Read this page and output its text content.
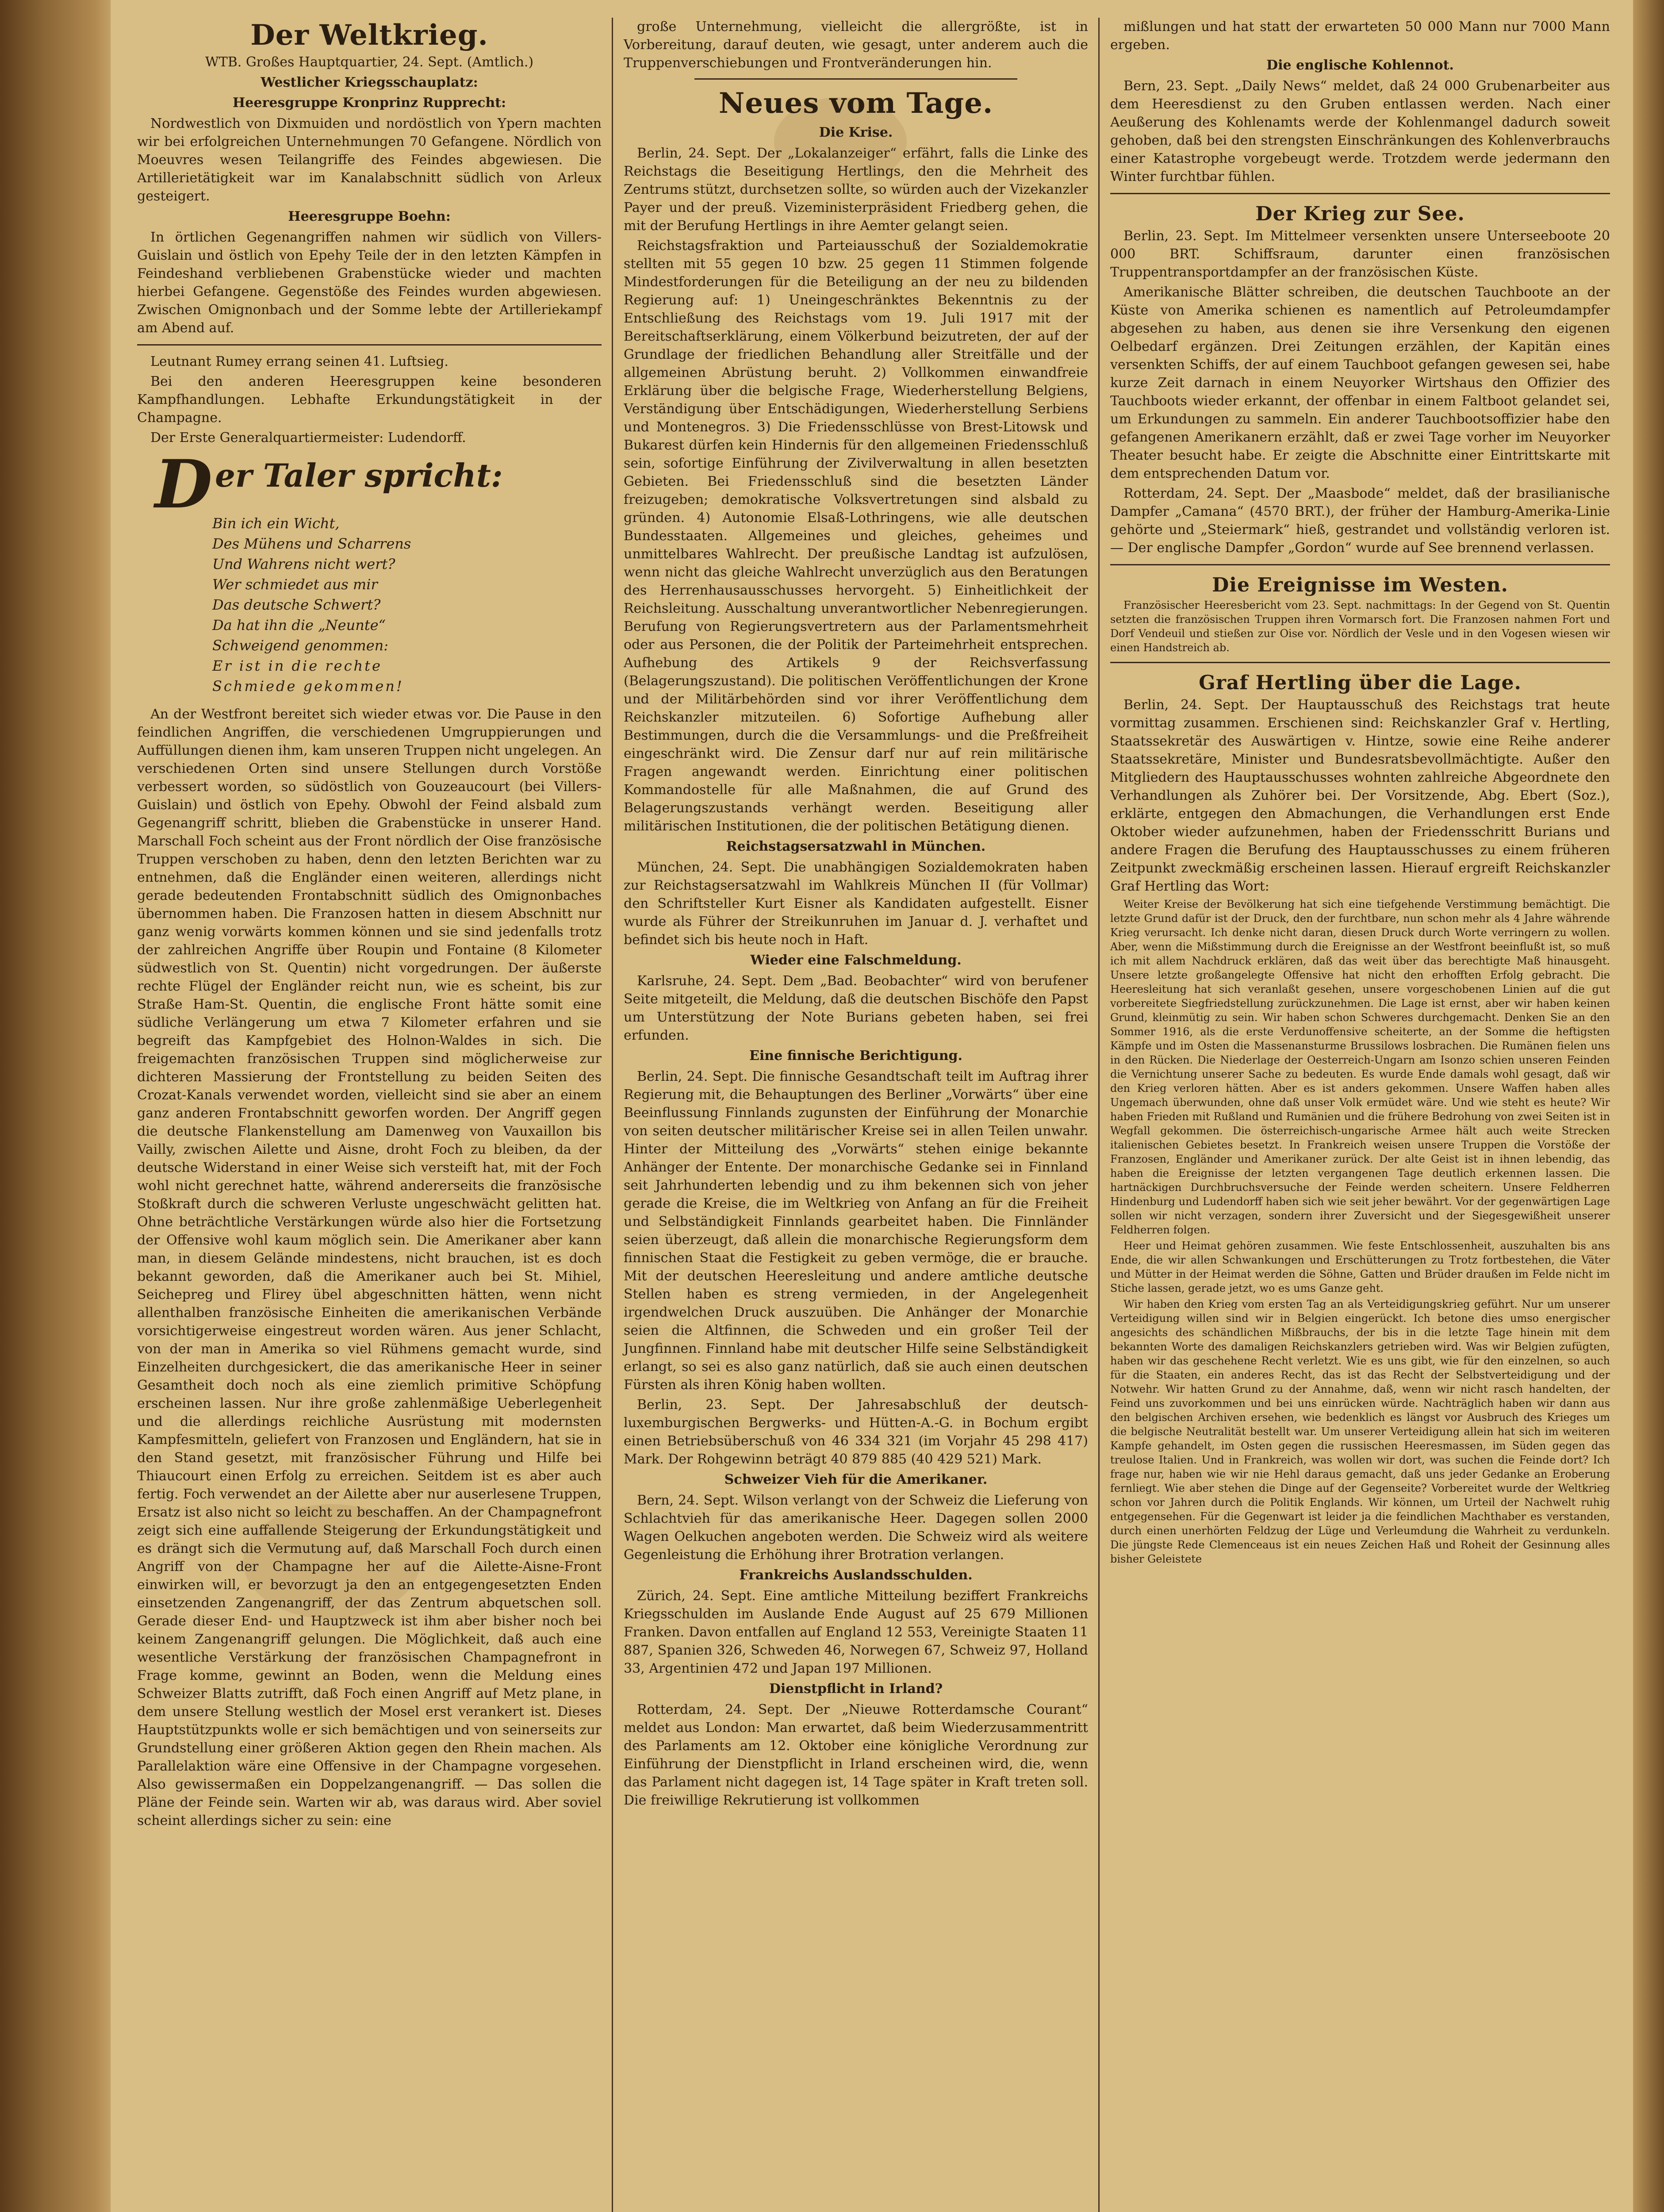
Der Weltkrieg.

WTB. Großes Hauptquartier, 24. Sept. (Amtlich.)

Westlicher Kriegsschauplatz:
Heeresgruppe Kronprinz Rupprecht:

Nordwestlich von Dixmuiden und nordöstlich von Ypern machten wir bei erfolgreichen Unternehmungen 70 Gefangene. Nördlich von Moeuvres wesen Teilangriffe des Feindes abgewiesen. Die Artillerietätigkeit war im Kanalabschnitt südlich von Arleux gesteigert.

Heeresgruppe Boehn:

In örtlichen Gegenangriffen nahmen wir südlich von Villers-Guislain und östlich von Epehy Teile der in den letzten Kämpfen in Feindeshand verbliebenen Grabenstücke wieder und machten hierbei Gefangene. Gegenstöße des Feindes wurden abgewiesen. Zwischen Omignonbach und der Somme lebte der Artilleriekampf am Abend auf.

Leutnant Rumey errang seinen 41. Luftsieg.

Bei den anderen Heeresgruppen keine besonderen Kampfhandlungen. Lebhafte Erkundungstätigkeit in der Champagne.

Der Erste Generalquartiermeister: Ludendorff.

Der Taler spricht:
Bin ich ein Wicht,
Des Mühens und Scharrens
Und Wahrens nicht wert?
Wer schmiedet aus mir
Das deutsche Schwert?
Da hat ihn die „Neunte“
Schweigend genommen:
Er ist in die rechte
Schmiede gekommen!

An der Westfront bereitet sich wieder etwas vor. Die Pause in den feindlichen Angriffen, die verschiedenen Umgruppierungen und Auffüllungen dienen ihm, kam unseren Truppen nicht ungelegen. An verschiedenen Orten sind unsere Stellungen durch Vorstöße verbessert worden, so südöstlich von Gouzeaucourt (bei Villers-Guislain) und östlich von Epehy. Obwohl der Feind alsbald zum Gegenangriff schritt, blieben die Grabenstücke in unserer Hand. Marschall Foch scheint aus der Front nördlich der Oise französische Truppen verschoben zu haben, denn den letzten Berichten war zu entnehmen, daß die Engländer einen weiteren, allerdings nicht gerade bedeutenden Frontabschnitt südlich des Omignonbaches übernommen haben. Die Franzosen hatten in diesem Abschnitt nur ganz wenig vorwärts kommen können und sie sind jedenfalls trotz der zahlreichen Angriffe über Roupin und Fontaine (8 Kilometer südwestlich von St. Quentin) nicht vorgedrungen. Der äußerste rechte Flügel der Engländer reicht nun, wie es scheint, bis zur Straße Ham-St. Quentin, die englische Front hätte somit eine südliche Verlängerung um etwa 7 Kilometer erfahren und sie begreift das Kampfgebiet des Holnon-Waldes in sich. Die freigemachten französischen Truppen sind möglicherweise zur dichteren Massierung der Frontstellung zu beiden Seiten des Crozat-Kanals verwendet worden, vielleicht sind sie aber an einem ganz anderen Frontabschnitt geworfen worden. Der Angriff gegen die deutsche Flankenstellung am Damenweg von Vauxaillon bis Vailly, zwischen Ailette und Aisne, droht Foch zu bleiben, da der deutsche Widerstand in einer Weise sich versteift hat, mit der Foch wohl nicht gerechnet hatte, während andererseits die französische Stoßkraft durch die schweren Verluste ungeschwächt gelitten hat. Ohne beträchtliche Verstärkungen würde also hier die Fortsetzung der Offensive wohl kaum möglich sein. Die Amerikaner aber kann man, in diesem Gelände mindestens, nicht brauchen, ist es doch bekannt geworden, daß die Amerikaner auch bei St. Mihiel, Seichepreg und Flirey übel abgeschnitten hätten, wenn nicht allenthalben französische Einheiten die amerikanischen Verbände vorsichtigerweise eingestreut worden wären. Aus jener Schlacht, von der man in Amerika so viel Rühmens gemacht wurde, sind Einzelheiten durchgesickert, die das amerikanische Heer in seiner Gesamtheit doch noch als eine ziemlich primitive Schöpfung erscheinen lassen. Nur ihre große zahlenmäßige Ueberlegenheit und die allerdings reichliche Ausrüstung mit modernsten Kampfesmitteln, geliefert von Franzosen und Engländern, hat sie in den Stand gesetzt, mit französischer Führung und Hilfe bei Thiaucourt einen Erfolg zu erreichen. Seitdem ist es aber auch fertig. Foch verwendet an der Ailette aber nur auserlesene Truppen, Ersatz ist also nicht so leicht zu beschaffen. An der Champagnefront zeigt sich eine auffallende Steigerung der Erkundungstätigkeit und es drängt sich die Vermutung auf, daß Marschall Foch durch einen Angriff von der Champagne her auf die Ailette-Aisne-Front einwirken will, er bevorzugt ja den an entgegengesetzten Enden einsetzenden Zangenangriff, der das Zentrum abquetschen soll. Gerade dieser End- und Hauptzweck ist ihm aber bisher noch bei keinem Zangenangriff gelungen. Die Möglichkeit, daß auch eine wesentliche Verstärkung der französischen Champagnefront in Frage komme, gewinnt an Boden, wenn die Meldung eines Schweizer Blatts zutrifft, daß Foch einen Angriff auf Metz plane, in dem unsere Stellung westlich der Mosel erst verankert ist. Dieses Hauptstützpunkts wolle er sich bemächtigen und von seinerseits zur Grundstellung einer größeren Aktion gegen den Rhein machen. Als Parallelaktion wäre eine Offensive in der Champagne vorgesehen. Also gewissermaßen ein Doppelzangenangriff. — Das sollen die Pläne der Feinde sein. Warten wir ab, was daraus wird. Aber soviel scheint allerdings sicher zu sein: eine

große Unternehmung, vielleicht die allergrößte, ist in Vorbereitung, darauf deuten, wie gesagt, unter anderem auch die Truppenverschiebungen und Frontveränderungen hin.

Neues vom Tage.
Die Krise.

Berlin, 24. Sept. Der „Lokalanzeiger“ erfährt, falls die Linke des Reichstags die Beseitigung Hertlings, den die Mehrheit des Zentrums stützt, durchsetzen sollte, so würden auch der Vizekanzler Payer und der preuß. Vizeministerpräsident Friedberg gehen, die mit der Berufung Hertlings in ihre Aemter gelangt seien.

Reichstagsfraktion und Parteiausschuß der Sozialdemokratie stellten mit 55 gegen 10 bzw. 25 gegen 11 Stimmen folgende Mindestforderungen für die Beteiligung an der neu zu bildenden Regierung auf: 1) Uneingeschränktes Bekenntnis zu der Entschließung des Reichstags vom 19. Juli 1917 mit der Bereitschaftserklärung, einem Völkerbund beizutreten, der auf der Grundlage der friedlichen Behandlung aller Streitfälle und der allgemeinen Abrüstung beruht. 2) Vollkommen einwandfreie Erklärung über die belgische Frage, Wiederherstellung Belgiens, Verständigung über Entschädigungen, Wiederherstellung Serbiens und Montenegros. 3) Die Friedensschlüsse von Brest-Litowsk und Bukarest dürfen kein Hindernis für den allgemeinen Friedensschluß sein, sofortige Einführung der Zivilverwaltung in allen besetzten Gebieten. Bei Friedensschluß sind die besetzten Länder freizugeben; demokratische Volksvertretungen sind alsbald zu gründen. 4) Autonomie Elsaß-Lothringens, wie alle deutschen Bundesstaaten. Allgemeines und gleiches, geheimes und unmittelbares Wahlrecht. Der preußische Landtag ist aufzulösen, wenn nicht das gleiche Wahlrecht unverzüglich aus den Beratungen des Herrenhausausschusses hervorgeht. 5) Einheitlichkeit der Reichsleitung. Ausschaltung unverantwortlicher Nebenregierungen. Berufung von Regierungsvertretern aus der Parlamentsmehrheit oder aus Personen, die der Politik der Parteimehrheit entsprechen. Aufhebung des Artikels 9 der Reichsverfassung (Belagerungszustand). Die politischen Veröffentlichungen der Krone und der Militärbehörden sind vor ihrer Veröffentlichung dem Reichskanzler mitzuteilen. 6) Sofortige Aufhebung aller Bestimmungen, durch die die Versammlungs- und die Preßfreiheit eingeschränkt wird. Die Zensur darf nur auf rein militärische Fragen angewandt werden. Einrichtung einer politischen Kommandostelle für alle Maßnahmen, die auf Grund des Belagerungszustands verhängt werden. Beseitigung aller militärischen Institutionen, die der politischen Betätigung dienen.

Reichstagsersatzwahl in München.

München, 24. Sept. Die unabhängigen Sozialdemokraten haben zur Reichstagsersatzwahl im Wahlkreis München II (für Vollmar) den Schriftsteller Kurt Eisner als Kandidaten aufgestellt. Eisner wurde als Führer der Streikunruhen im Januar d. J. verhaftet und befindet sich bis heute noch in Haft.

Wieder eine Falschmeldung.

Karlsruhe, 24. Sept. Dem „Bad. Beobachter“ wird von berufener Seite mitgeteilt, die Meldung, daß die deutschen Bischöfe den Papst um Unterstützung der Note Burians gebeten haben, sei frei erfunden.

Eine finnische Berichtigung.

Berlin, 24. Sept. Die finnische Gesandtschaft teilt im Auftrag ihrer Regierung mit, die Behauptungen des Berliner „Vorwärts“ über eine Beeinflussung Finnlands zugunsten der Einführung der Monarchie von seiten deutscher militärischer Kreise sei in allen Teilen unwahr. Hinter der Mitteilung des „Vorwärts“ stehen einige bekannte Anhänger der Entente. Der monarchische Gedanke sei in Finnland seit Jahrhunderten lebendig und zu ihm bekennen sich von jeher gerade die Kreise, die im Weltkrieg von Anfang an für die Freiheit und Selbständigkeit Finnlands gearbeitet haben. Die Finnländer seien überzeugt, daß allein die monarchische Regierungsform dem finnischen Staat die Festigkeit zu geben vermöge, die er brauche. Mit der deutschen Heeresleitung und andere amtliche deutsche Stellen haben es streng vermieden, in der Angelegenheit irgendwelchen Druck auszuüben. Die Anhänger der Monarchie seien die Altfinnen, die Schweden und ein großer Teil der Jungfinnen. Finnland habe mit deutscher Hilfe seine Selbständigkeit erlangt, so sei es also ganz natürlich, daß sie auch einen deutschen Fürsten als ihren König haben wollten.

Berlin, 23. Sept. Der Jahresabschluß der deutsch-luxemburgischen Bergwerks- und Hütten-A.-G. in Bochum ergibt einen Betriebsüberschuß von 46 334 321 (im Vorjahr 45 298 417) Mark. Der Rohgewinn beträgt 40 879 885 (40 429 521) Mark.

Schweizer Vieh für die Amerikaner.

Bern, 24. Sept. Wilson verlangt von der Schweiz die Lieferung von Schlachtvieh für das amerikanische Heer. Dagegen sollen 2000 Wagen Oelkuchen angeboten werden. Die Schweiz wird als weitere Gegenleistung die Erhöhung ihrer Brotration verlangen.

Frankreichs Auslandsschulden.

Zürich, 24. Sept. Eine amtliche Mitteilung beziffert Frankreichs Kriegsschulden im Auslande Ende August auf 25 679 Millionen Franken. Davon entfallen auf England 12 553, Vereinigte Staaten 11 887, Spanien 326, Schweden 46, Norwegen 67, Schweiz 97, Holland 33, Argentinien 472 und Japan 197 Millionen.

Dienstpflicht in Irland?

Rotterdam, 24. Sept. Der „Nieuwe Rotterdamsche Courant“ meldet aus London: Man erwartet, daß beim Wiederzusammentritt des Parlaments am 12. Oktober eine königliche Verordnung zur Einführung der Dienstpflicht in Irland erscheinen wird, die, wenn das Parlament nicht dagegen ist, 14 Tage später in Kraft treten soll. Die freiwillige Rekrutierung ist vollkommen

mißlungen und hat statt der erwarteten 50 000 Mann nur 7000 Mann ergeben.

Die englische Kohlennot.

Bern, 23. Sept. „Daily News“ meldet, daß 24 000 Grubenarbeiter aus dem Heeresdienst zu den Gruben entlassen werden. Nach einer Aeußerung des Kohlenamts werde der Kohlenmangel dadurch soweit gehoben, daß bei den strengsten Einschränkungen des Kohlenverbrauchs einer Katastrophe vorgebeugt werde. Trotzdem werde jedermann den Winter furchtbar fühlen.

Der Krieg zur See.

Berlin, 23. Sept. Im Mittelmeer versenkten unsere Unterseeboote 20 000 BRT. Schiffsraum, darunter einen französischen Truppentransportdampfer an der französischen Küste.

Amerikanische Blätter schreiben, die deutschen Tauchboote an der Küste von Amerika schienen es namentlich auf Petroleumdampfer abgesehen zu haben, aus denen sie ihre Versenkung den eigenen Oelbedarf ergänzen. Drei Zeitungen erzählen, der Kapitän eines versenkten Schiffs, der auf einem Tauchboot gefangen gewesen sei, habe kurze Zeit darnach in einem Neuyorker Wirtshaus den Offizier des Tauchboots wieder erkannt, der offenbar in einem Faltboot gelandet sei, um Erkundungen zu sammeln. Ein anderer Tauchbootsoffizier habe den gefangenen Amerikanern erzählt, daß er zwei Tage vorher im Neuyorker Theater besucht habe. Er zeigte die Abschnitte einer Eintrittskarte mit dem entsprechenden Datum vor.

Rotterdam, 24. Sept. Der „Maasbode“ meldet, daß der brasilianische Dampfer „Camana“ (4570 BRT.), der früher der Hamburg-Amerika-Linie gehörte und „Steiermark“ hieß, gestrandet und vollständig verloren ist. — Der englische Dampfer „Gordon“ wurde auf See brennend verlassen.

Die Ereignisse im Westen.

Französischer Heeresbericht vom 23. Sept. nachmittags: In der Gegend von St. Quentin setzten die französischen Truppen ihren Vormarsch fort. Die Franzosen nahmen Fort und Dorf Vendeuil und stießen zur Oise vor. Nördlich der Vesle und in den Vogesen wiesen wir einen Handstreich ab.

Graf Hertling über die Lage.

Berlin, 24. Sept. Der Hauptausschuß des Reichstags trat heute vormittag zusammen. Erschienen sind: Reichskanzler Graf v. Hertling, Staatssekretär des Auswärtigen v. Hintze, sowie eine Reihe anderer Staatssekretäre, Minister und Bundesratsbevollmächtigte. Außer den Mitgliedern des Hauptausschusses wohnten zahlreiche Abgeordnete den Verhandlungen als Zuhörer bei. Der Vorsitzende, Abg. Ebert (Soz.), erklärte, entgegen den Abmachungen, die Verhandlungen erst Ende Oktober wieder aufzunehmen, haben der Friedensschritt Burians und andere Fragen die Berufung des Hauptausschusses zu einem früheren Zeitpunkt zweckmäßig erscheinen lassen. Hierauf ergreift Reichskanzler Graf Hertling das Wort:

Weiter Kreise der Bevölkerung hat sich eine tiefgehende Verstimmung bemächtigt. Die letzte Grund dafür ist der Druck, den der furchtbare, nun schon mehr als 4 Jahre währende Krieg verursacht. Ich denke nicht daran, diesen Druck durch Worte verringern zu wollen. Aber, wenn die Mißstimmung durch die Ereignisse an der Westfront beeinflußt ist, so muß ich mit allem Nachdruck erklären, daß das weit über das berechtigte Maß hinausgeht. Unsere letzte großangelegte Offensive hat nicht den erhofften Erfolg gebracht. Die Heeresleitung hat sich veranlaßt gesehen, unsere vorgeschobenen Linien auf die gut vorbereitete Siegfriedstellung zurückzunehmen. Die Lage ist ernst, aber wir haben keinen Grund, kleinmütig zu sein. Wir haben schon Schweres durchgemacht. Denken Sie an den Sommer 1916, als die erste Verdunoffensive scheiterte, an der Somme die heftigsten Kämpfe und im Osten die Massenansturme Brussilows losbrachen. Die Rumänen fielen uns in den Rücken. Die Niederlage der Oesterreich-Ungarn am Isonzo schien unseren Feinden die Vernichtung unserer Sache zu bedeuten. Es wurde Ende damals wohl gesagt, daß wir den Krieg verloren hätten. Aber es ist anders gekommen. Unsere Waffen haben alles Ungemach überwunden, ohne daß unser Volk ermüdet wäre. Und wie steht es heute? Wir haben Frieden mit Rußland und Rumänien und die frühere Bedrohung von zwei Seiten ist in Wegfall gekommen. Die österreichisch-ungarische Armee hält auch weite Strecken italienischen Gebietes besetzt. In Frankreich weisen unsere Truppen die Vorstöße der Franzosen, Engländer und Amerikaner zurück. Der alte Geist ist in ihnen lebendig, das haben die Ereignisse der letzten vergangenen Tage deutlich erkennen lassen. Die hartnäckigen Durchbruchsversuche der Feinde werden scheitern. Unsere Feldherren Hindenburg und Ludendorff haben sich wie seit jeher bewährt. Vor der gegenwärtigen Lage sollen wir nicht verzagen, sondern ihrer Zuversicht und der Siegesgewißheit unserer Feldherren folgen.

Heer und Heimat gehören zusammen. Wie feste Entschlossenheit, auszuhalten bis ans Ende, die wir allen Schwankungen und Erschütterungen zu Trotz fortbestehen, die Väter und Mütter in der Heimat werden die Söhne, Gatten und Brüder draußen im Felde nicht im Stiche lassen, gerade jetzt, wo es ums Ganze geht.

Wir haben den Krieg vom ersten Tag an als Verteidigungskrieg geführt. Nur um unserer Verteidigung willen sind wir in Belgien eingerückt. Ich betone dies umso energischer angesichts des schändlichen Mißbrauchs, der bis in die letzte Tage hinein mit dem bekannten Worte des damaligen Reichskanzlers getrieben wird. Was wir Belgien zufügten, haben wir das geschehene Recht verletzt. Wie es uns gibt, wie für den einzelnen, so auch für die Staaten, ein anderes Recht, das ist das Recht der Selbstverteidigung und der Notwehr. Wir hatten Grund zu der Annahme, daß, wenn wir nicht rasch handelten, der Feind uns zuvorkommen und bei uns einrücken würde. Nachträglich haben wir dann aus den belgischen Archiven ersehen, wie bedenklich es längst vor Ausbruch des Krieges um die belgische Neutralität bestellt war. Um unserer Verteidigung allein hat sich im weiteren Kampfe gehandelt, im Osten gegen die russischen Heeresmassen, im Süden gegen das treulose Italien. Und in Frankreich, was wollen wir dort, was suchen die Feinde dort? Ich frage nur, haben wie wir nie Hehl daraus gemacht, daß uns jeder Gedanke an Eroberung fernliegt. Wie aber stehen die Dinge auf der Gegenseite? Vorbereitet wurde der Weltkrieg schon vor Jahren durch die Politik Englands. Wir können, um Urteil der Nachwelt ruhig entgegensehen. Für die Gegenwart ist leider ja die feindlichen Machthaber es verstanden, durch einen unerhörten Feldzug der Lüge und Verleumdung die Wahrheit zu verdunkeln. Die jüngste Rede Clemenceaus ist ein neues Zeichen Haß und Roheit der Gesinnung alles bisher Geleistete
